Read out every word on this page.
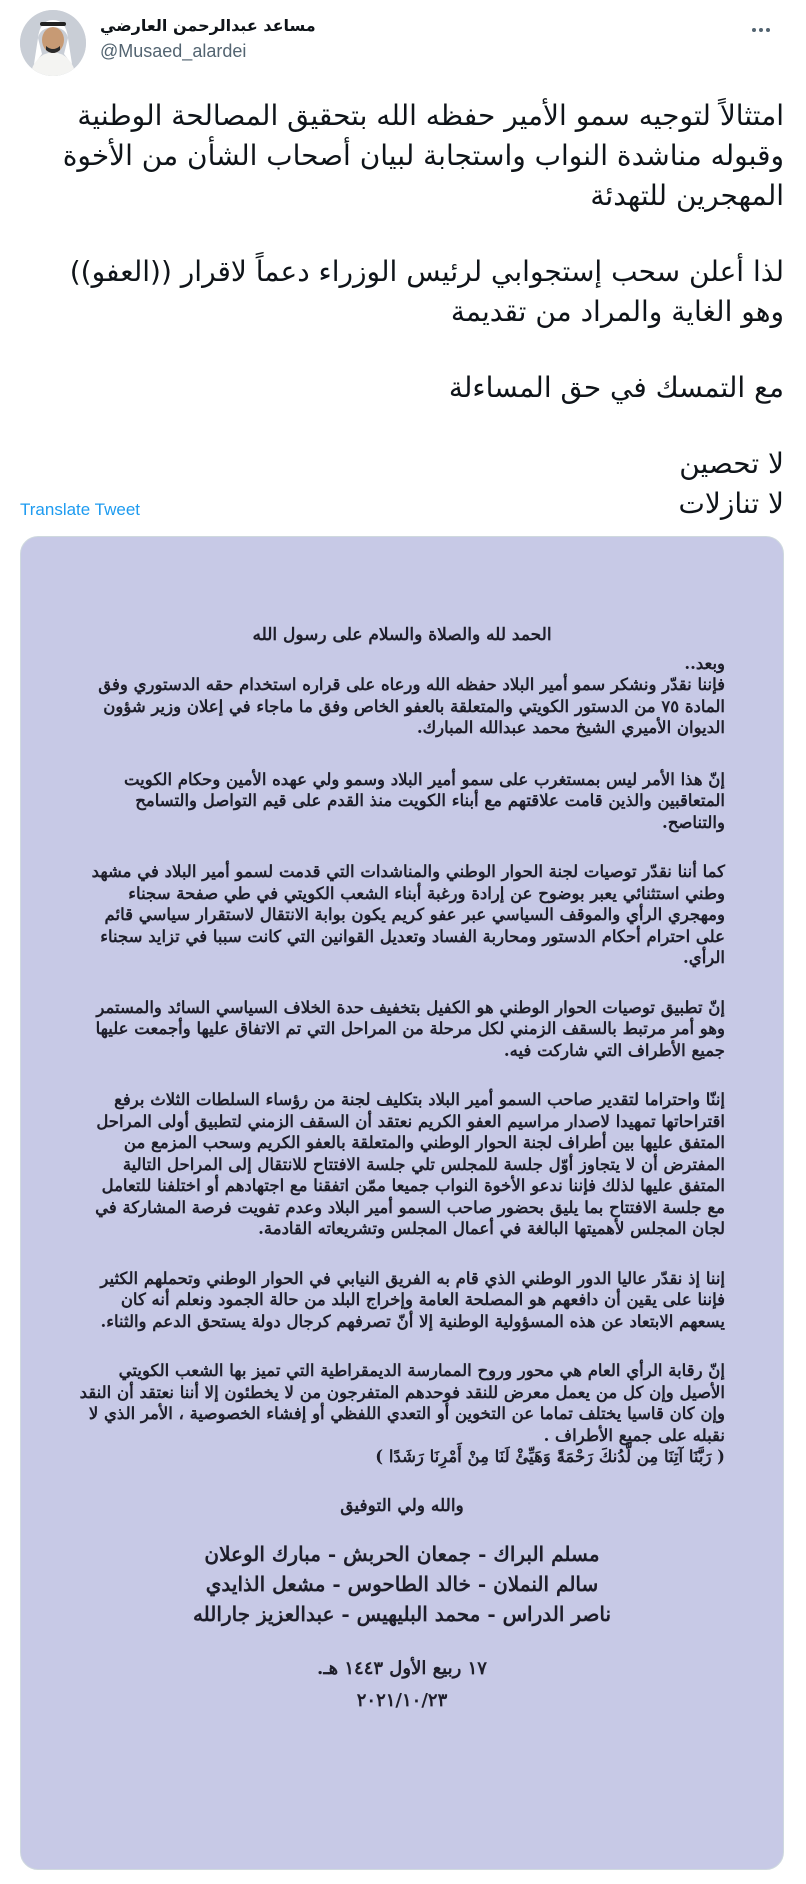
مساعد عبدالرحمن العارضي
@Musaed_alardei

امتثالاً لتوجيه سمو الأمير حفظه الله بتحقيق المصالحة الوطنية وقبوله مناشدة النواب واستجابة لبيان أصحاب الشأن من الأخوة المهجرين للتهدئة

لذا أعلن سحب إستجوابي لرئيس الوزراء دعماً لاقرار ((العفو)) وهو الغاية والمراد من تقديمة

مع التمسك في حق المساءلة

لا تحصين

لا تنازلات

Translate Tweet

الحمد لله والصلاة والسلام على رسول الله

وبعد..
فإننا نقدّر ونشكر سمو أمير البلاد حفظه الله ورعاه على قراره استخدام حقه الدستوري وفق المادة ٧٥ من الدستور الكويتي والمتعلقة بالعفو الخاص وفق ما ماجاء في إعلان وزير شؤون الديوان الأميري الشيخ محمد عبدالله المبارك.

إنّ هذا الأمر ليس بمستغرب على سمو أمير البلاد وسمو ولي عهده الأمين وحكام الكويت المتعاقبين والذين قامت علاقتهم مع أبناء الكويت منذ القدم على قيم التواصل والتسامح والتناصح.

كما أننا نقدّر توصيات لجنة الحوار الوطني والمناشدات التي قدمت لسمو أمير البلاد في مشهد وطني استثنائي يعبر بوضوح عن إرادة ورغبة أبناء الشعب الكويتي في طي صفحة سجناء ومهجري الرأي والموقف السياسي عبر عفو كريم يكون بوابة الانتقال لاستقرار سياسي قائم على احترام أحكام الدستور ومحاربة الفساد وتعديل القوانين التي كانت سببا في تزايد سجناء الرأي.

إنّ تطبيق توصيات الحوار الوطني هو الكفيل بتخفيف حدة الخلاف السياسي السائد والمستمر وهو أمر مرتبط بالسقف الزمني لكل مرحلة من المراحل التي تم الاتفاق عليها وأجمعت عليها جميع الأطراف التي شاركت فيه.

إننّا واحتراما لتقدير صاحب السمو أمير البلاد بتكليف لجنة من رؤساء السلطات الثلاث برفع اقتراحاتها تمهيدا لاصدار مراسيم العفو الكريم نعتقد أن السقف الزمني لتطبيق أولى المراحل المتفق عليها بين أطراف لجنة الحوار الوطني والمتعلقة بالعفو الكريم وسحب المزمع من المفترض أن لا يتجاوز أوّل جلسة للمجلس تلي جلسة الافتتاح للانتقال إلى المراحل التالية المتفق عليها لذلك فإننا ندعو الأخوة النواب جميعا ممّن اتفقنا مع اجتهادهم أو اختلفنا للتعامل مع جلسة الافتتاح بما يليق بحضور صاحب السمو أمير البلاد وعدم تفويت فرصة المشاركة في لجان المجلس لأهميتها البالغة في أعمال المجلس وتشريعاته القادمة.

إننا إذ نقدّر عاليا الدور الوطني الذي قام به الفريق النيابي في الحوار الوطني وتحملهم الكثير فإننا على يقين أن دافعهم هو المصلحة العامة وإخراج البلد من حالة الجمود ونعلم أنه كان يسعهم الابتعاد عن هذه المسؤولية الوطنية إلا أنّ تصرفهم كرجال دولة يستحق الدعم والثناء.

إنّ رقابة الرأي العام هي محور وروح الممارسة الديمقراطية التي تميز بها الشعب الكويتي الأصيل وإن كل من يعمل معرض للنقد فوحدهم المتفرجون من لا يخطئون إلا أننا نعتقد أن النقد وإن كان قاسيا يختلف تماما عن التخوين أو التعدي اللفظي أو إفشاء الخصوصية ، الأمر الذي لا نقبله على جميع الأطراف .
( رَبَّنَا آتِنَا مِن لَّدُنكَ رَحْمَةً وَهَيِّئْ لَنَا مِنْ أَمْرِنَا رَشَدًا )

والله ولي التوفيق

مسلم البراك - جمعان الحربش - مبارك الوعلان

سالم النملان - خالد الطاحوس - مشعل الذايدي

ناصر الدراس - محمد البليهيس - عبدالعزيز جارالله

١٧ ربيع الأول ١٤٤٣ هـ.

٢٠٢١/١٠/٢٣
